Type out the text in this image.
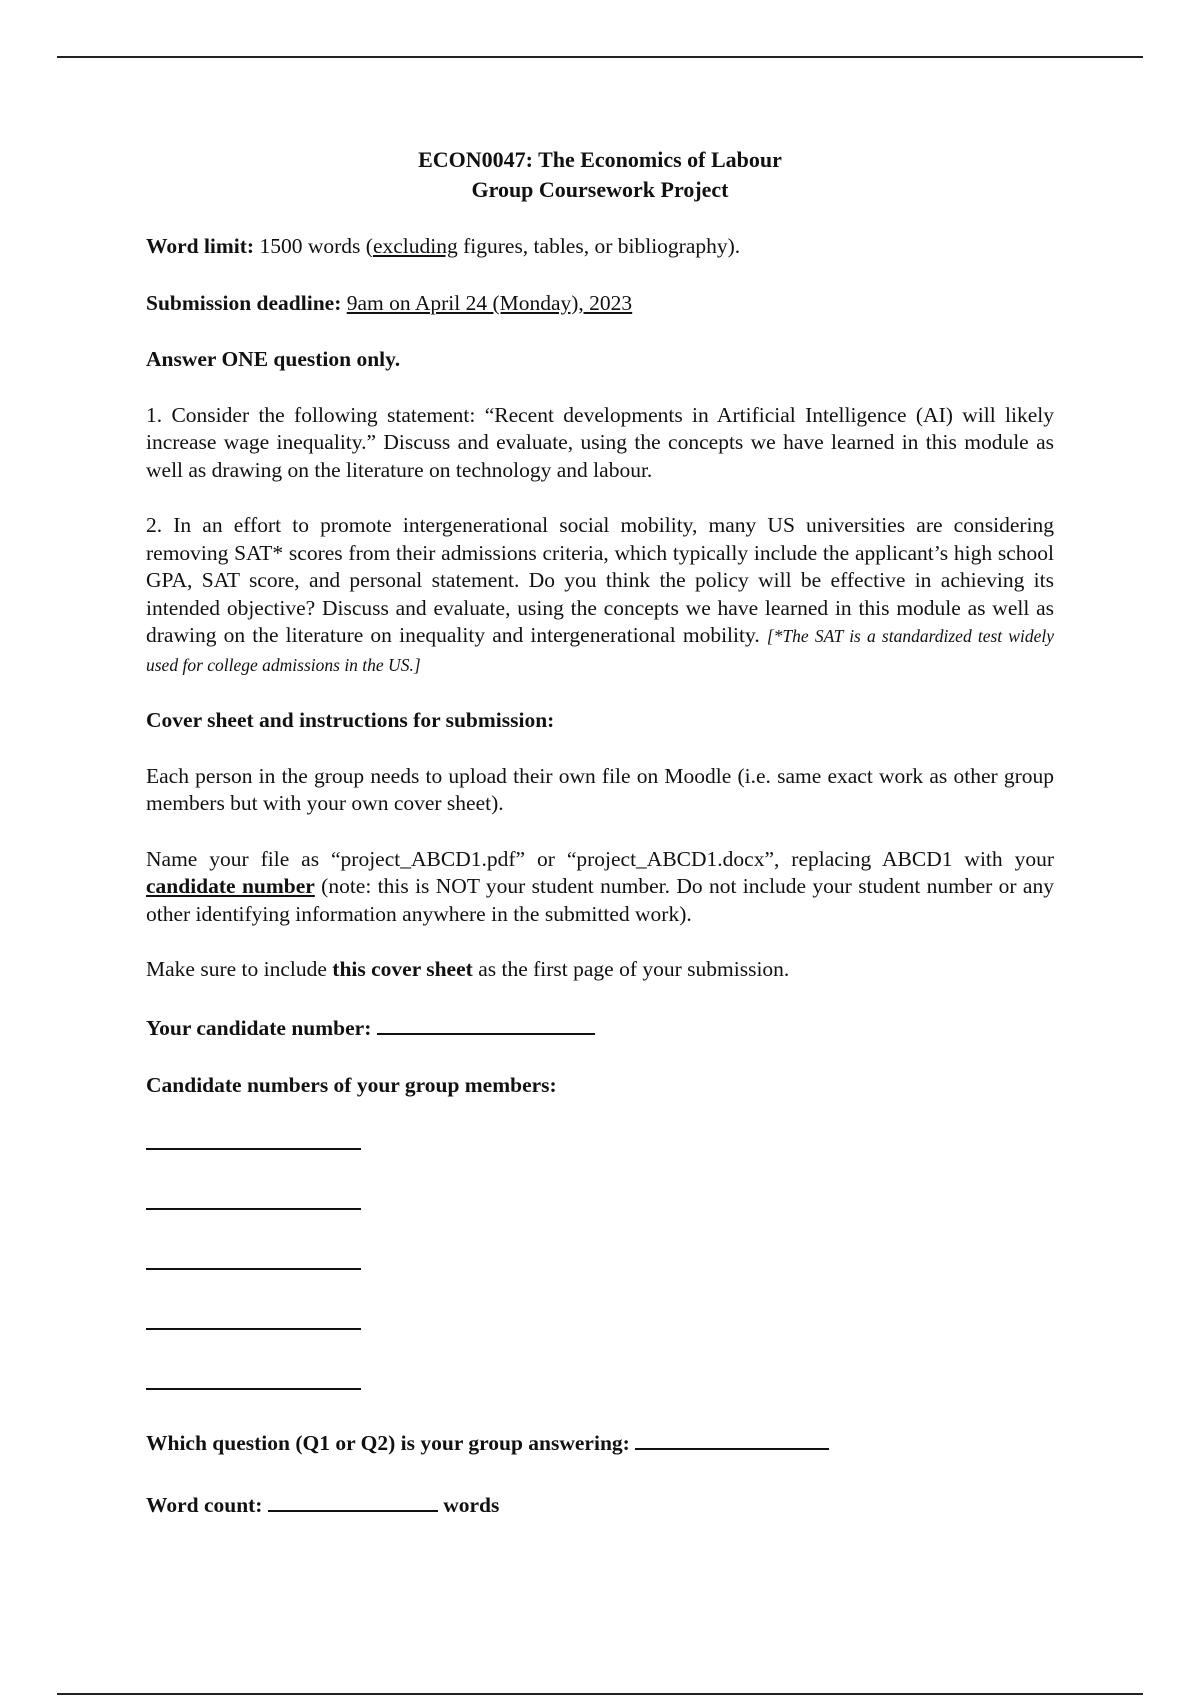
ECON0047: The Economics of Labour
Group Coursework Project

Word limit: 1500 words (excluding figures, tables, or bibliography).

Submission deadline: 9am on April 24 (Monday), 2023

Answer ONE question only.

1. Consider the following statement: “Recent developments in Artificial Intelligence (AI) will likely increase wage inequality.” Discuss and evaluate, using the concepts we have learned in this module as well as drawing on the literature on technology and labour.

2. In an effort to promote intergenerational social mobility, many US universities are considering removing SAT* scores from their admissions criteria, which typically include the applicant’s high school GPA, SAT score, and personal statement. Do you think the policy will be effective in achieving its intended objective? Discuss and evaluate, using the concepts we have learned in this module as well as drawing on the literature on inequality and intergenerational mobility. [*The SAT is a standardized test widely used for college admissions in the US.]

Cover sheet and instructions for submission:

Each person in the group needs to upload their own file on Moodle (i.e. same exact work as other group members but with your own cover sheet).

Name your file as “project_ABCD1.pdf” or “project_ABCD1.docx”, replacing ABCD1 with your candidate number (note: this is NOT your student number. Do not include your student number or any other identifying information anywhere in the submitted work).

Make sure to include this cover sheet as the first page of your submission.

Your candidate number:

Candidate numbers of your group members:

Which question (Q1 or Q2) is your group answering:

Word count:	words
